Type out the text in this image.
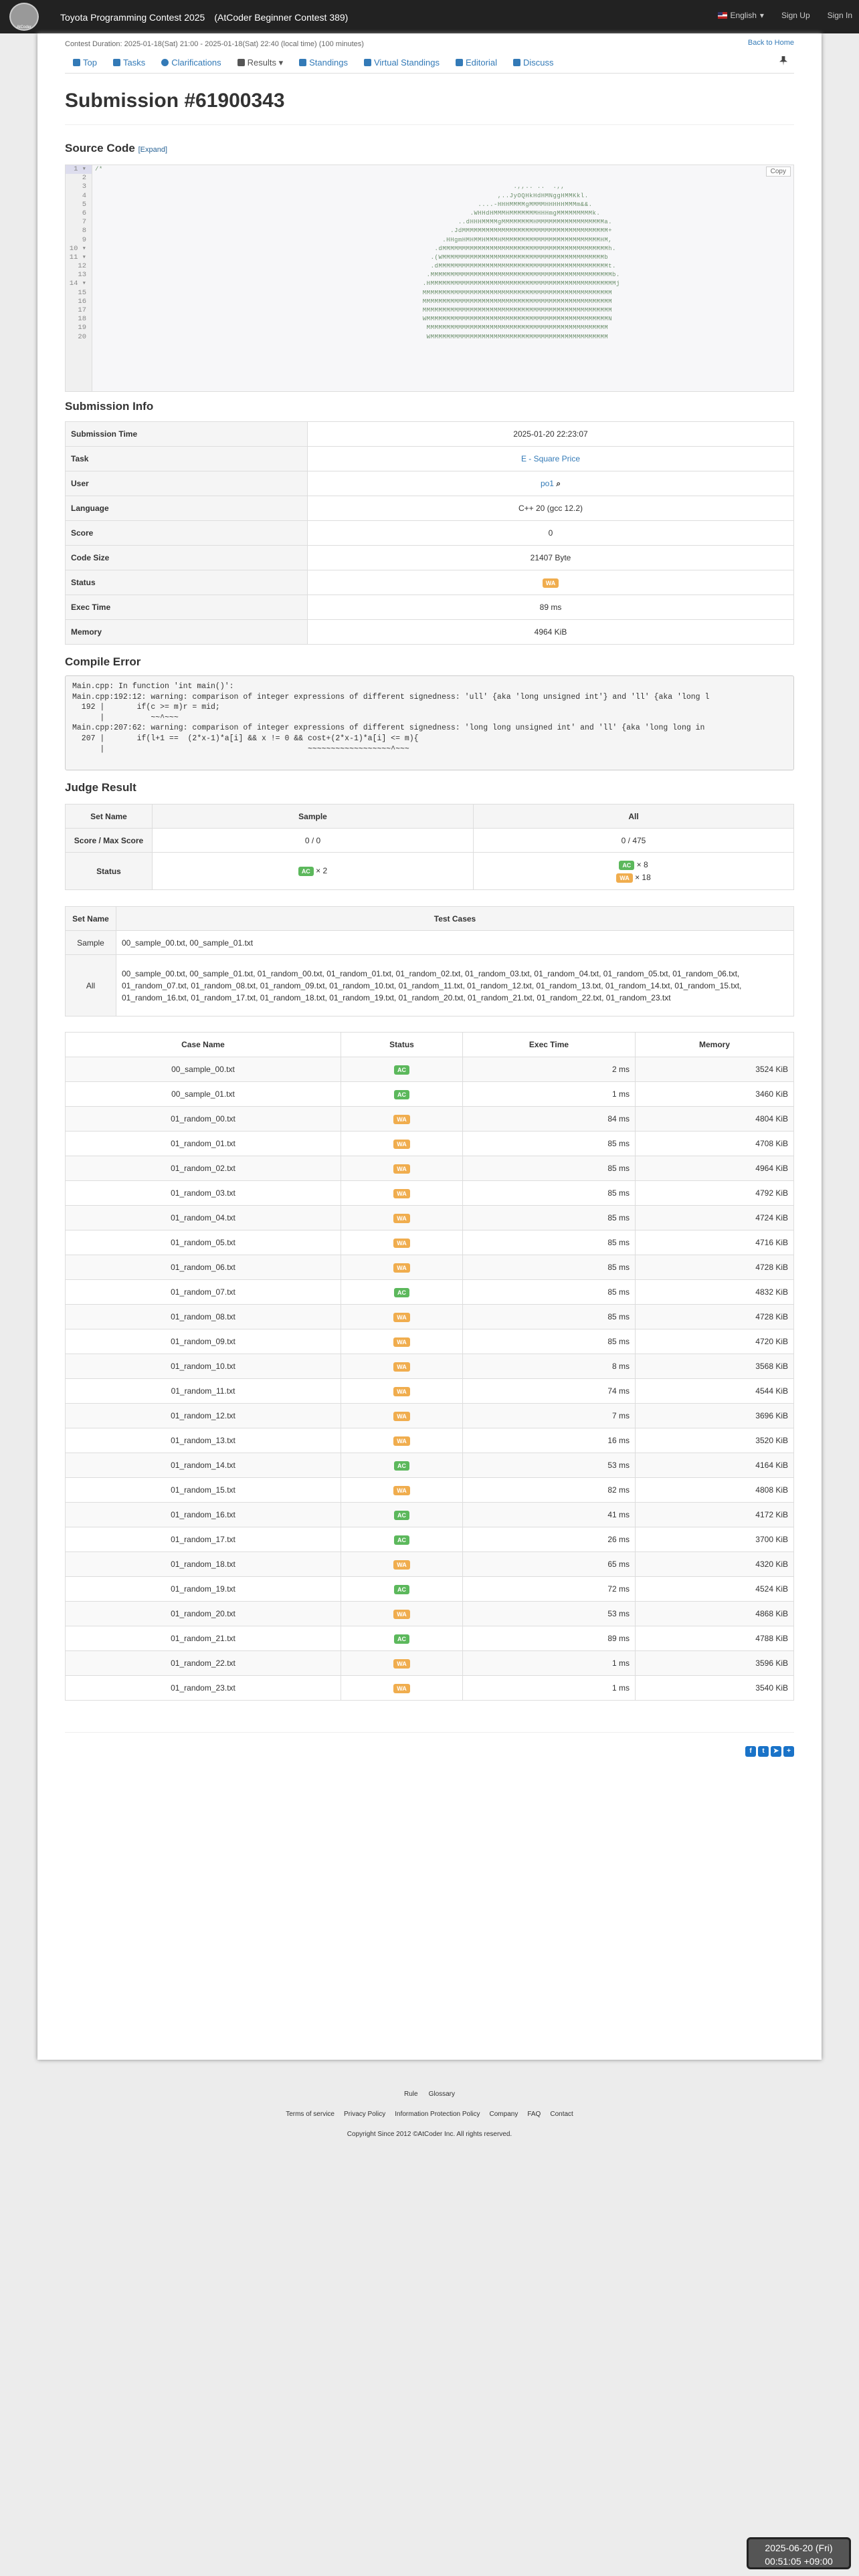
AtCoder
Toyota Programming Contest 2025　(AtCoder Beginner Contest 389)	English ▾ Sign Up Sign In
Contest Duration: 2025-01-18(Sat) 21:00 - 2025-01-18(Sat) 22:40 (local time) (100 minutes)	Back to Home
Top	Tasks	Clarifications	Results ▾	Standings	Virtual Standings	Editorial	Discuss
Submission #61900343
Source Code [Expand]
1 ▾
2
3
4
5
6
7
8
9
10 ▾
11 ▾
12
13
14 ▾
15
16
17
18
19
20
/*
.,,.. ..  .,,
,..JyOQHkHdHMNggHMMKkl.
....-HHHMMMMgMMMMHHHHHMMMm&&.
.WHHdHMMMHMMMMMMMHHHmgMMMMMMMMMk.
..dHHHMMMMgMMMMMMMMHMMMMMMMMMMMMMMMMMa.
.JdMMMMMMMMMMMMMMMMMMMMMMMMMMMMMMMMMMMMM+
.HHgmHMHMMHMMMHMMMMMMMMMMMMMMMMMMMMMMMMMHM,
.dMMMMMMMMMMMMMMMMMMMMMMMMMMMMMMMMMMMMMMMMMMh.
.(WMMMMMMMMMMMMMMMMMMMMMMMMMMMMMMMMMMMMMMMMMb
.dMMMMMMMMMMMMMMMMMMMMMMMMMMMMMMMMMMMMMMMMMMMt.
.MMMMMMMMMMMMMMMMMMMMMMMMMMMMMMMMMMMMMMMMMMMMMMb.
.HMMMMMMMMMMMMMMMMMMMMMMMMMMMMMMMMMMMMMMMMMMMMMMMj
MMMMMMMMMMMMMMMMMMMMMMMMMMMMMMMMMMMMMMMMMMMMMMMM
MMMMMMMMMMMMMMMMMMMMMMMMMMMMMMMMMMMMMMMMMMMMMMMM
MMMMMMMMMMMMMMMMMMMMMMMMMMMMMMMMMMMMMMMMMMMMMMMM
WMMMMMMMMMMMMMMMMMMMMMMMMMMMMMMMMMMMMMMMMMMMMMMN
MMMMMMMMMMMMMMMMMMMMMMMMMMMMMMMMMMMMMMMMMMMMMM
WMMMMMMMMMMMMMMMMMMMMMMMMMMMMMMMMMMMMMMMMMMMMM
Copy
Submission Info
Submission Time	2025-01-20 22:23:07
Task	E - Square Price
User	po1 ⌕
Language	C++ 20 (gcc 12.2)
Score	0
Code Size	21407 Byte
Status	WA
Exec Time	89 ms
Memory	4964 KiB
Compile Error
Main.cpp: In function 'int main()':
Main.cpp:192:12: warning: comparison of integer expressions of different signedness: 'ull' {aka 'long unsigned int'} and 'll' {aka 'long l
192 |       if(c >= m)r = mid;
|          ~~^~~~
Main.cpp:207:62: warning: comparison of integer expressions of different signedness: 'long long unsigned int' and 'll' {aka 'long long in
207 |       if(l+1 ==  (2*x-1)*a[i] && x != 0 && cost+(2*x-1)*a[i] <= m){
|                                            ~~~~~~~~~~~~~~~~~~^~~~
Judge Result
Set Name	Sample	All
Score / Max Score	0 / 0	0 / 475
Status	AC × 2	AC × 8
WA × 18
Set Name	Test Cases
Sample	00_sample_00.txt, 00_sample_01.txt
All	00_sample_00.txt, 00_sample_01.txt, 01_random_00.txt, 01_random_01.txt, 01_random_02.txt, 01_random_03.txt, 01_random_04.txt, 01_random_05.txt, 01_random_06.txt, 01_random_07.txt, 01_random_08.txt, 01_random_09.txt, 01_random_10.txt, 01_random_11.txt, 01_random_12.txt, 01_random_13.txt, 01_random_14.txt, 01_random_15.txt, 01_random_16.txt, 01_random_17.txt, 01_random_18.txt, 01_random_19.txt, 01_random_20.txt, 01_random_21.txt, 01_random_22.txt, 01_random_23.txt
Case Name	Status	Exec Time	Memory
00_sample_00.txt	AC	2 ms	3524 KiB
00_sample_01.txt	AC	1 ms	3460 KiB
01_random_00.txt	WA	84 ms	4804 KiB
01_random_01.txt	WA	85 ms	4708 KiB
01_random_02.txt	WA	85 ms	4964 KiB
01_random_03.txt	WA	85 ms	4792 KiB
01_random_04.txt	WA	85 ms	4724 KiB
01_random_05.txt	WA	85 ms	4716 KiB
01_random_06.txt	WA	85 ms	4728 KiB
01_random_07.txt	AC	85 ms	4832 KiB
01_random_08.txt	WA	85 ms	4728 KiB
01_random_09.txt	WA	85 ms	4720 KiB
01_random_10.txt	WA	8 ms	3568 KiB
01_random_11.txt	WA	74 ms	4544 KiB
01_random_12.txt	WA	7 ms	3696 KiB
01_random_13.txt	WA	16 ms	3520 KiB
01_random_14.txt	AC	53 ms	4164 KiB
01_random_15.txt	WA	82 ms	4808 KiB
01_random_16.txt	AC	41 ms	4172 KiB
01_random_17.txt	AC	26 ms	3700 KiB
01_random_18.txt	WA	65 ms	4320 KiB
01_random_19.txt	AC	72 ms	4524 KiB
01_random_20.txt	WA	53 ms	4868 KiB
01_random_21.txt	AC	89 ms	4788 KiB
01_random_22.txt	WA	1 ms	3596 KiB
01_random_23.txt	WA	1 ms	3540 KiB
f	t	➤	+
Rule Glossary
Terms of service Privacy Policy Information Protection Policy Company FAQ Contact
Copyright Since 2012 ©AtCoder Inc. All rights reserved.
2025-06-20 (Fri)
00:51:05 +09:00
